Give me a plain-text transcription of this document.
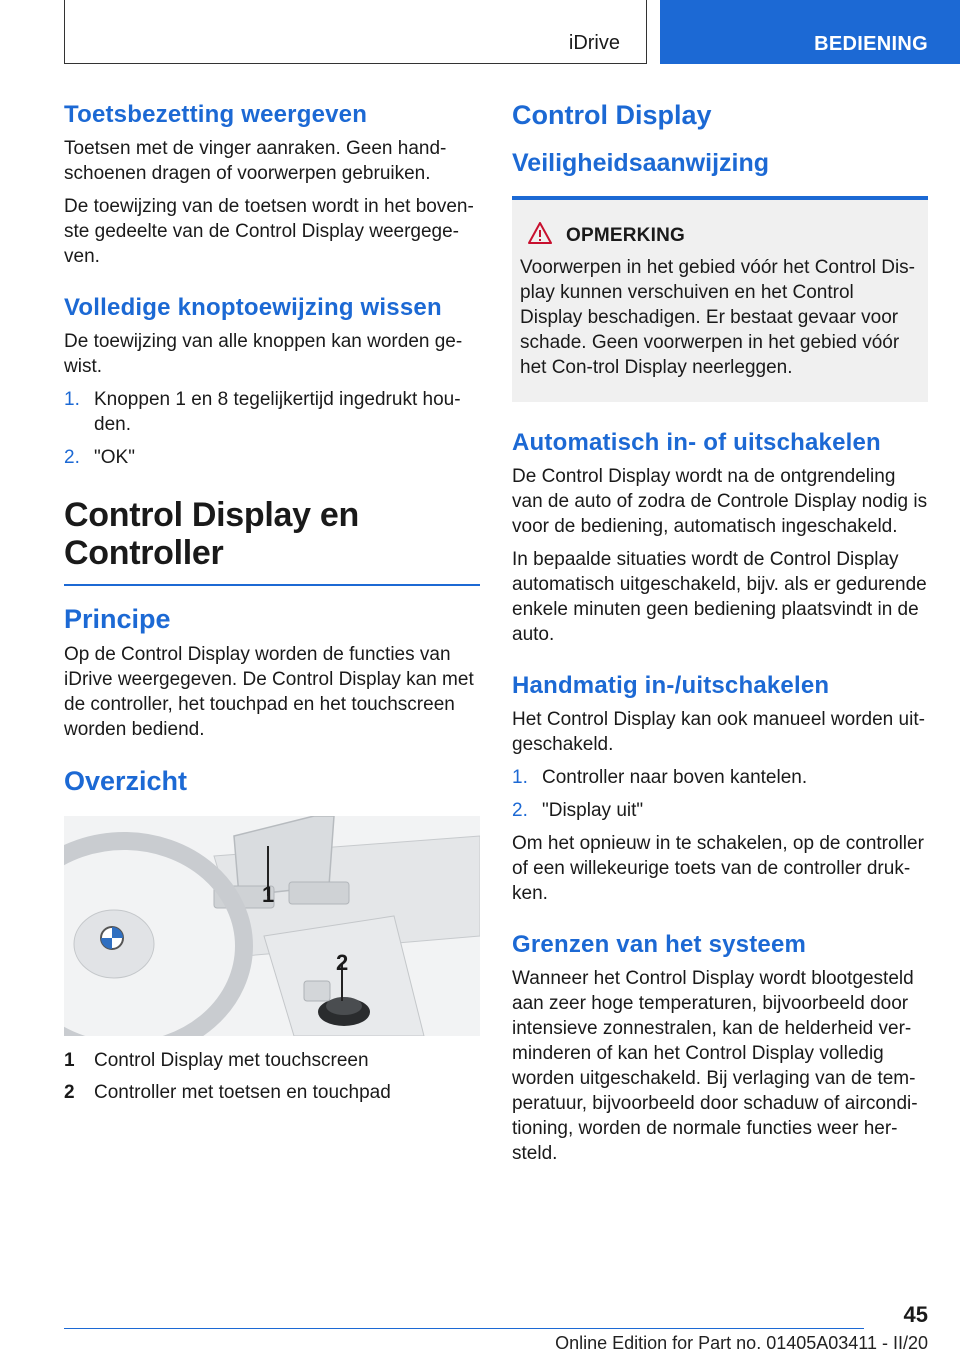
iDrive	BEDIENING
Toetsbezetting weergeven

Toetsen met de vinger aanraken. Geen hand-schoenen dragen of voorwerpen gebruiken.

De toewijzing van de toetsen wordt in het boven-ste gedeelte van de Control Display weergege-ven.

Volledige knoptoewijzing wissen

De toewijzing van alle knoppen kan worden ge-wist.

1. Knoppen 1 en 8 tegelijkertijd ingedrukt hou-den.
2. "OK"
Control Display en Controller
Principe

Op de Control Display worden de functies van iDrive weergegeven. De Control Display kan met de controller, het touchpad en het touchscreen worden bediend.

Overzicht
1
2
1 Control Display met touchscreen
2 Controller met toetsen en touchpad
Control Display
Veiligheidsaanwijzing
OPMERKING

Voorwerpen in het gebied vóór het Control Dis-play kunnen verschuiven en het Control Display beschadigen. Er bestaat gevaar voor schade. Geen voorwerpen in het gebied vóór het Con-trol Display neerleggen.

Automatisch in- of uitschakelen

De Control Display wordt na de ontgrendeling van de auto of zodra de Controle Display nodig is voor de bediening, automatisch ingeschakeld.

In bepaalde situaties wordt de Control Display automatisch uitgeschakeld, bijv. als er gedurende enkele minuten geen bediening plaatsvindt in de auto.

Handmatig in-/uitschakelen

Het Control Display kan ook manueel worden uit-geschakeld.

1. Controller naar boven kantelen.
2. "Display uit"

Om het opnieuw in te schakelen, op de controller of een willekeurige toets van de controller druk-ken.

Grenzen van het systeem

Wanneer het Control Display wordt blootgesteld aan zeer hoge temperaturen, bijvoorbeeld door intensieve zonnestralen, kan de helderheid ver-minderen of kan het Control Display volledig worden uitgeschakeld. Bij verlaging van de tem-peratuur, bijvoorbeeld door schaduw of aircondi-tioning, worden de normale functies weer her-steld.

45
Online Edition for Part no. 01405A03411 - II/20
